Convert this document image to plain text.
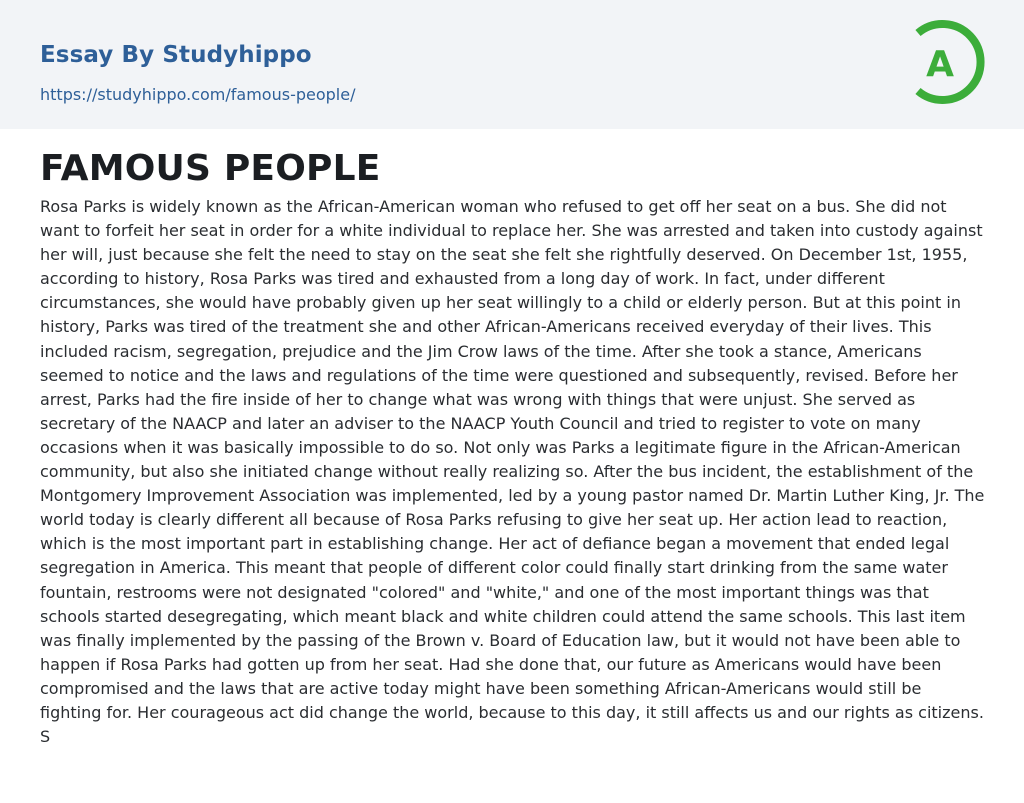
Essay By Studyhippo
https://studyhippo.com/famous-people/
A
FAMOUS PEOPLE

Rosa Parks is widely known as the African-American woman who refused to get off her seat on a bus. She did not want to forfeit her seat in order for a white individual to replace her. She was arrested and taken into custody against her will, just because she felt the need to stay on the seat she felt she rightfully deserved. On December 1st, 1955, according to history, Rosa Parks was tired and exhausted from a long day of work. In fact, under different circumstances, she would have probably given up her seat willingly to a child or elderly person. But at this point in history, Parks was tired of the treatment she and other African-Americans received everyday of their lives. This included racism, segregation, prejudice and the Jim Crow laws of the time. After she took a stance, Americans seemed to notice and the laws and regulations of the time were questioned and subsequently, revised. Before her arrest, Parks had the fire inside of her to change what was wrong with things that were unjust. She served as secretary of the NAACP and later an adviser to the NAACP Youth Council and tried to register to vote on many occasions when it was basically impossible to do so. Not only was Parks a legitimate figure in the African-American community, but also she initiated change without really realizing so. After the bus incident, the establishment of the Montgomery Improvement Association was implemented, led by a young pastor named Dr. Martin Luther King, Jr. The world today is clearly different all because of Rosa Parks refusing to give her seat up. Her action lead to reaction, which is the most important part in establishing change. Her act of defiance began a movement that ended legal segregation in America. This meant that people of different color could finally start drinking from the same water fountain, restrooms were not designated "colored" and "white," and one of the most important things was that schools started desegregating, which meant black and white children could attend the same schools. This last item was finally implemented by the passing of the Brown v. Board of Education law, but it would not have been able to happen if Rosa Parks had gotten up from her seat. Had she done that, our future as Americans would have been compromised and the laws that are active today might have been something African-Americans would still be fighting for. Her courageous act did change the world, because to this day, it still affects us and our rights as citizens. S
